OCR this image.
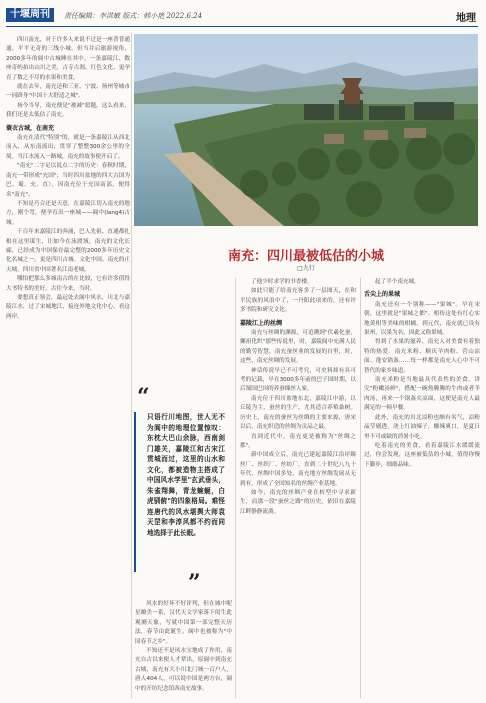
十堰周刊	责任编辑：李洪敏 版式：韩小艳 2022.6.24	地理

四川南充，对于许多人来说不过是一座普普通通、平平无奇的三线小城。但当并启旅游视角，2000多年的阆中古城睡在其中，一条嘉陵江、数座奇屿拍出山川之美，古寺古刹、红色文化、更孕育了数之不尽的水果和美食。

就在去年，南充还和三亚、宁波、扬州等城市一同跻身"中国十大舒适之城"。

扬今当导，南充便是"被减"愿题，这么看来，我们还是太低估了南充。

蓑衣古城，在南充

南充在清代"特别"的，就是一条嘉陵江从西北而入，从东南流出，贯穿了整整300余公里的全境。当江水流入一路城，南充的故事便开启了。

"南充"二字足以说点二字的历史：春秋时期，南充一带形成"充国"；当时四川盆地的四大古国为巴、蜀、充、直），因南充位于充国南部，便得名"南充"。

不知是巧合还是天意，在嘉陵江切入南充的地方，刚个弯，便孕育出一座城——阆中(lang4)古城。

千百年来嘉陵江的奔涌，巴人先祖、直通都扎根在这里谋生，让如今在泳渡域，南充的文化长廊，已经成为中国保存最完整的2000多年历史文化名城之一，更是四川古城。文化中国。南充的正天城，四川省中国著名江南老城。

哪怕把那么多城南古的在比较，它有许多值得大书特书的美好，古往今来，当时。

要想真正领会，最远处去阆中风水，川北与嘉陵江水，过了宋城地江，接连外地文化中心，看这两岸。

南充市城，在历史上一直是川北重镇。
南充：四川最被低估的小城
□九行
“
只语行川地图，世人无不为阆中的地理位置惊叹：东枕大巴山余脉，西南剑门雄关，嘉陵江和古宋江贯城而过，这里的山水和文化，都被造物主搭成了中国风水学里"玄武垂头，朱雀翔舞，青龙蜿蜒，白虎驯俯"的四象格局。难怪连唐代的风水堪舆大师袁天罡和李淳风都不约而同地选择于此长眠。
”

风水的好坏不好评判，但在城中呢星瞭美一系，汉代天文学家落下闳生此观测天象，写就中国第一部完整天历法，春节由此诞生，阆中也被称为"中国春节之乡"。

不知还不是风水宝地成了作用，南充自古以来便人才辈出，原阆中到南充古城，南充有大小川北门城一百户人，唐人404人，可以说中国是两方台，阆中的开坊纪念馆西南充故事。

了他少时求学的书香楼。

如此只能了给南充客多了一层图天，在和平民族的风浪中了，一丹阳此项来的，还有许多书院和研究文化。

嘉陵江上的丝绸

南充与丝绸的渊源，可追溯到"伏羲化蚕，嫘祖化织"那些传说里，时，嘉陵阆中充满人民的勤劳智慧，南充蚕丝业的发展的自里，时，这些，南充丝绸的发展。

神话传说早已不可考究，可史料却有具可考的记载，早在3000多年前的巴子国时期，以后蜀国巴国的养蚕缫丝人家。

南充位于四川盆地东北，嘉陵江中游，以丘陵为主，蚕丝的生产，尤其适合养殖桑树。历史上，南充的蚕丝为丝绸的主要来源，唐宋以后，南充织造的丝绸为贡品之最。

直到近代中，南充更是被称为"丝绸之都"。

新中国成立后，南充已建起嘉陵江沿岸缫丝厂、丝织厂、丝纺厂，直到二十世纪八九十年代，丝绸中国多处，南充地方丝绸发展从无到有，形成了全国知名的丝绸产业基地。

如今，南充的丝绸产业在转型中寻求新生，而那一段"蚕丝之路"的历史，依旧在嘉陵江畔静静流淌。

起了半个南充城。

舌尖上的果城

南充还有一个别称——"果城"。早在宋朝，这里就是"果城之都"。相传这处有红心实地黄柑等美味的柑橘。到元代，南充就已设有果州，以果为名，因此又称果城。

得到了水果的滋养，南充人对美食有着独特的热爱。南充米粉、顺庆羊肉粉、营山凉面、蓬安锅盔……每一样都是南充人心中不可替代的家乡味道。

南充米粉是当地最具代表性的美食，讲究"粉嫩汤鲜"，搭配一碗热腾腾的牛肉或者羊肉汤，再来一个锅盔夹凉面，这便是南充人最满足的一顿早餐。

此外，南充的川北凉粉也颇有名气，凉粉晶莹剔透，浇上红油辣子，酸辣爽口，是夏日里不可或缺的消暑小吃。

吃着南充的美食，看着嘉陵江水缓缓流过，你会发现，这座被低估的小城，值得你慢下脚步，细细品味。
